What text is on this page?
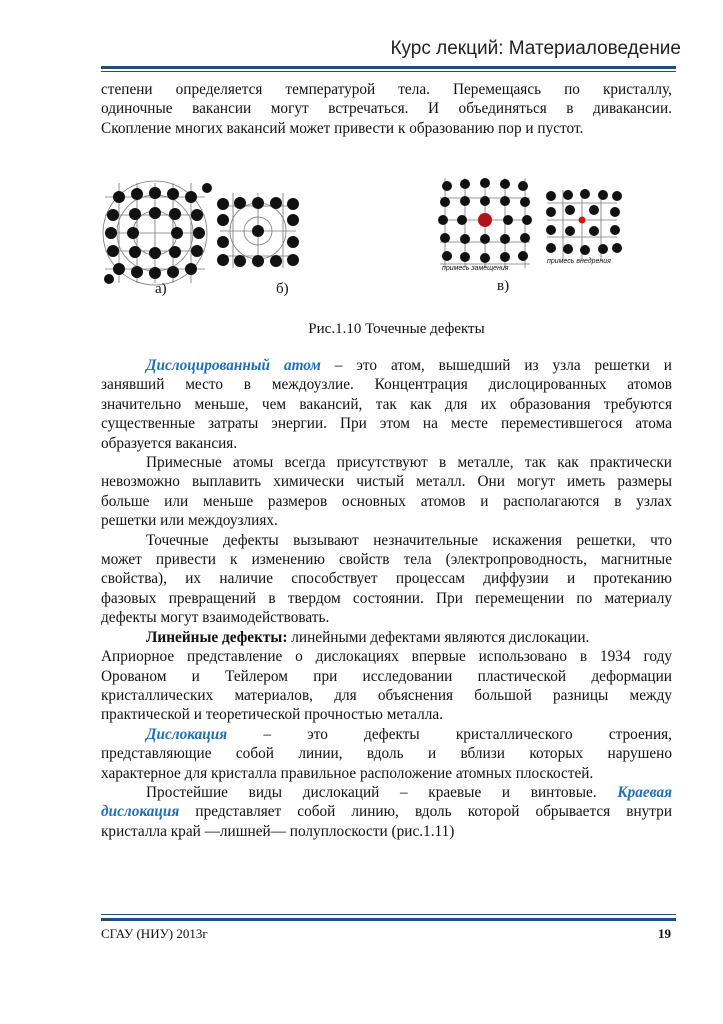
Курс лекций: Материаловедение

степени определяется температурой тела. Перемещаясь по кристаллу,

одиночные вакансии могут встречаться. И объединяться в дивакансии.

Скопление многих вакансий может привести к образованию пор и пустот.

а)	б)	в)
примесь замещения
примесь внедрения
Рис.1.10 Точечные дефекты

Дислоцированный атом – это атом, вышедший из узла решетки и

занявший место в междоузлие. Концентрация дислоцированных атомов

значительно меньше, чем вакансий, так как для их образования требуются

существенные затраты энергии. При этом на месте переместившегося атома

образуется вакансия.

Примесные атомы всегда присутствуют в металле, так как практически

невозможно выплавить химически чистый металл. Они могут иметь размеры

больше или меньше размеров основных атомов и располагаются в узлах

решетки или междоузлиях.

Точечные дефекты вызывают незначительные искажения решетки, что

может привести к изменению свойств тела (электропроводность, магнитные

свойства), их наличие способствует процессам диффузии и протеканию

фазовых превращений в твердом состоянии. При перемещении по материалу

дефекты могут взаимодействовать.

Линейные дефекты: линейными дефектами являются дислокации.

Априорное представление о дислокациях впервые использовано в 1934 году

Орованом и Тейлером при исследовании пластической деформации

кристаллических материалов, для объяснения большой разницы между

практической и теоретической прочностью металла.

Дислокация – это дефекты кристаллического строения,

представляющие собой линии, вдоль и вблизи которых нарушено

характерное для кристалла правильное расположение атомных плоскостей.

Простейшие виды дислокаций – краевые и винтовые. Краевая

дислокация представляет собой линию, вдоль которой обрывается внутри

кристалла край —лишней— полуплоскости (рис.1.11)

СГАУ (НИУ) 2013г	19
